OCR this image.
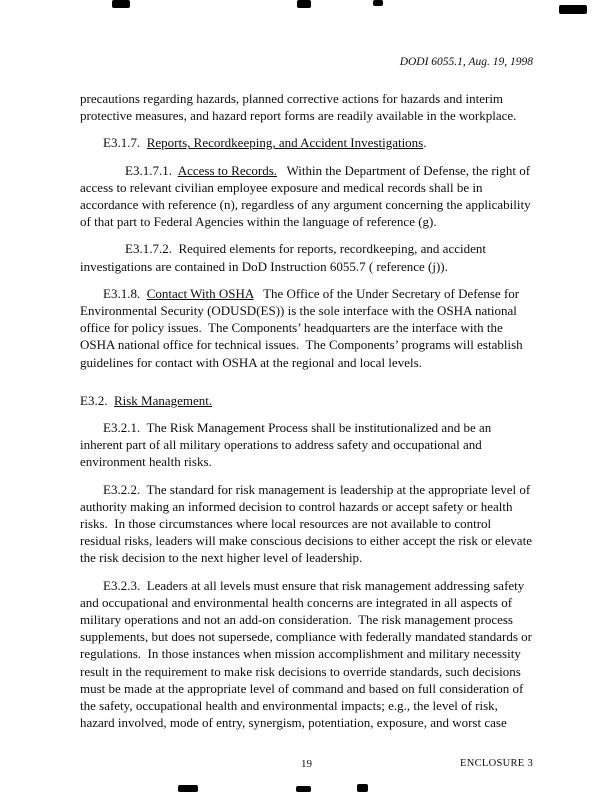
DODI 6055.1, Aug. 19, 1998

precautions regarding hazards, planned corrective actions for hazards and interim protective measures, and hazard report forms are readily available in the workplace.

E3.1.7.  Reports, Recordkeeping, and Accident Investigations.

E3.1.7.1.  Access to Records.   Within the Department of Defense, the right of access to relevant civilian employee exposure and medical records shall be in accordance with reference (n), regardless of any argument concerning the applicability of that part to Federal Agencies within the language of reference (g).

E3.1.7.2.  Required elements for reports, recordkeeping, and accident investigations are contained in DoD Instruction 6055.7 ( reference (j)).

E3.1.8.  Contact With OSHA   The Office of the Under Secretary of Defense for Environmental Security (ODUSD(ES)) is the sole interface with the OSHA national office for policy issues.  The Components’ headquarters are the interface with the OSHA national office for technical issues.  The Components’ programs will establish guidelines for contact with OSHA at the regional and local levels.

E3.2.  Risk Management.

E3.2.1.  The Risk Management Process shall be institutionalized and be an inherent part of all military operations to address safety and occupational and environment health risks.

E3.2.2.  The standard for risk management is leadership at the appropriate level of authority making an informed decision to control hazards or accept safety or health risks.  In those circumstances where local resources are not available to control residual risks, leaders will make conscious decisions to either accept the risk or elevate the risk decision to the next higher level of leadership.

E3.2.3.  Leaders at all levels must ensure that risk management addressing safety and occupational and environmental health concerns are integrated in all aspects of military operations and not an add-on consideration.  The risk management process supplements, but does not supersede, compliance with federally mandated standards or regulations.  In those instances when mission accomplishment and military necessity result in the requirement to make risk decisions to override standards, such decisions must be made at the appropriate level of command and based on full consideration of the safety, occupational health and environmental impacts; e.g., the level of risk, hazard involved, mode of entry, synergism, potentiation, exposure, and worst case

19	ENCLOSURE 3
